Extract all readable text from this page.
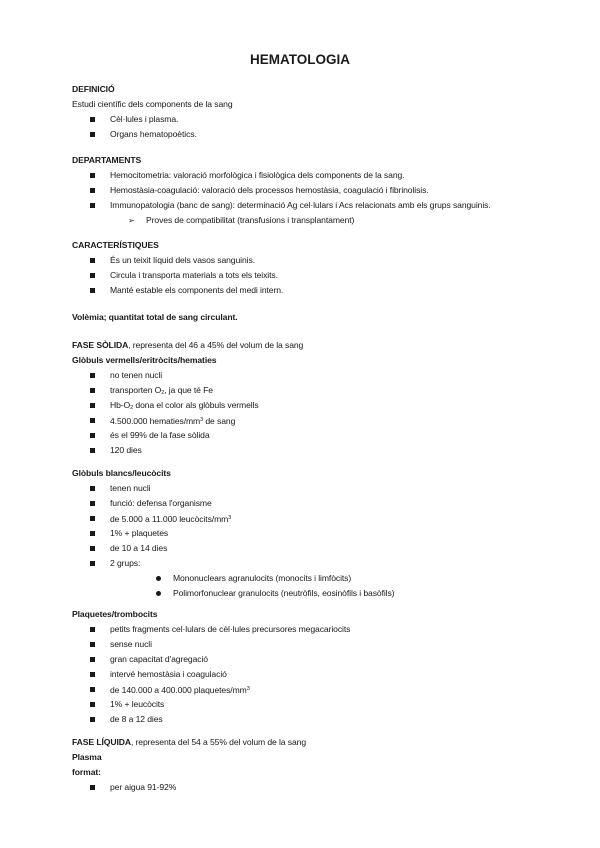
HEMATOLOGIA
DEFINICIÓ
Estudi científic dels components de la sang
Cèl·lules i plasma.
Organs hematopoètics.
DEPARTAMENTS
Hemocitometria: valoració morfològica i fisiològica dels components de la sang.
Hemostàsia-coagulació: valoració dels processos hemostàsia, coagulació i fibrinolisis.
Immunopatologia (banc de sang): determinació Ag cel·lulars i Acs relacionats amb els grups sanguinis.
➢ Proves de compatibilitat (transfusions i transplantament)
CARACTERÍSTIQUES
És un teixit líquid dels vasos sanguinis.
Circula i transporta materials a tots els teixits.
Manté estable els components del medi intern.
Volèmia; quantitat total de sang circulant.
FASE SÒLIDA, representa del 46 a 45% del volum de la sang
Glòbuls vermells/eritròcits/hematies
no tenen nucli
transporten $O_2$, ja que té Fe
$Hb-O_2$ dona el color als glòbuls vermells
4.500.000 hematies/$mm^3$ de sang
és el 99% de la fase sòlida
120 dies
Glòbuls blancs/leucòcits
tenen nucli
funció: defensa l'organisme
de 5.000 a 11.000 leucòcits/$mm^3$
1% + plaquetes
de 10 a 14 dies
2 grups:
Mononuclears agranulocits (monocits i limfòcits)
Polimorfonuclear granulocits (neutròfils, eosinòfils i basòfils)
Plaquetes/trombocits
petits fragments cel·lulars de cèl·lules precursores megacariocits
sense nucli
gran capacitat d'agregació
intervé hemostàsia i coagulació
de 140.000 a 400.000 plaquetes/$mm^3$
1% + leucòcits
de 8 a 12 dies
FASE LÍQUIDA, representa del 54 a 55% del volum de la sang
Plasma
format:
per aigua 91-92%
